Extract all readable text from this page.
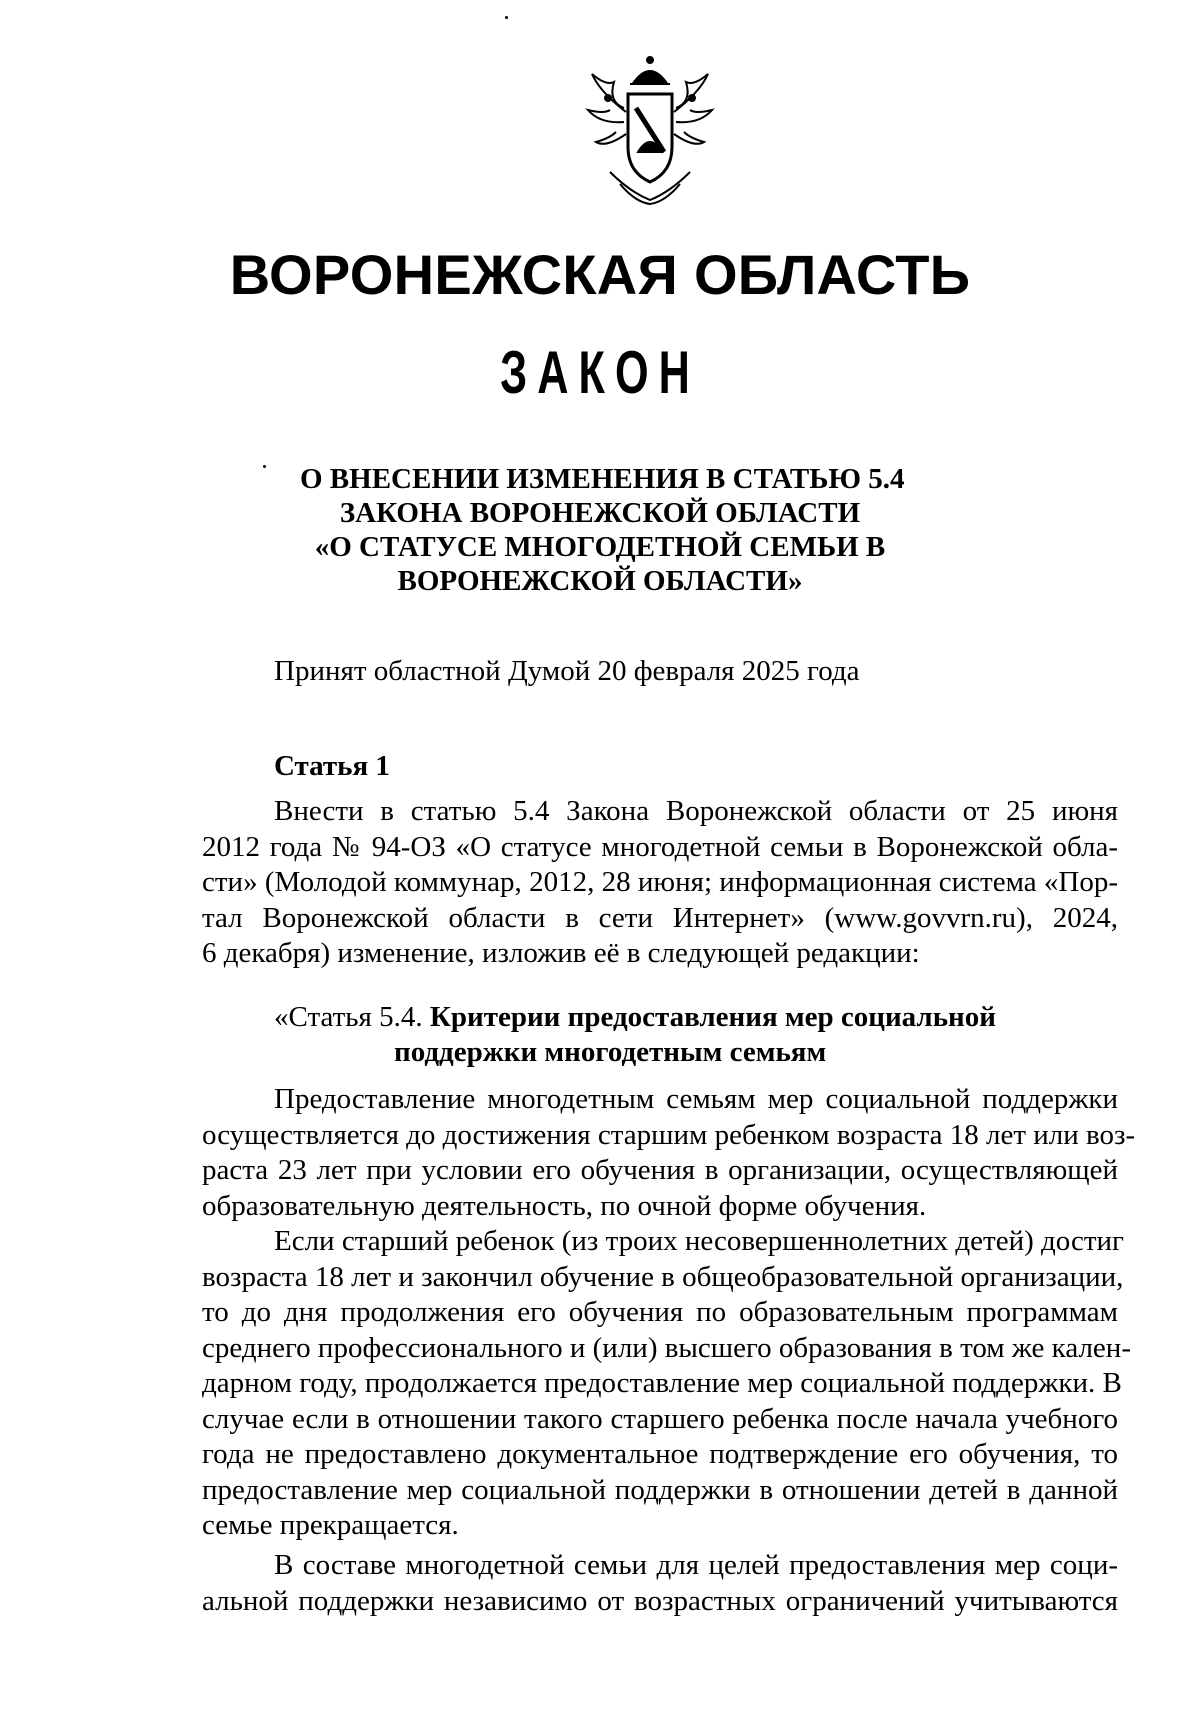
ВОРОНЕЖСКАЯ ОБЛАСТЬ
ЗАКОН
О ВНЕСЕНИИ ИЗМЕНЕНИЯ В СТАТЬЮ 5.4
ЗАКОНА ВОРОНЕЖСКОЙ ОБЛАСТИ
«О СТАТУСЕ МНОГОДЕТНОЙ СЕМЬИ В
ВОРОНЕЖСКОЙ ОБЛАСТИ»
Принят областной Думой 20 февраля 2025 года
Статья 1
Внести в статью 5.4 Закона Воронежской области от 25 июня
2012 года № 94-ОЗ «О статусе многодетной семьи в Воронежской обла-
сти» (Молодой коммунар, 2012, 28 июня; информационная система «Пор-
тал Воронежской области в сети Интернет» (www.govvrn.ru), 2024,
6 декабря) изменение, изложив её в следующей редакции:
«Статья 5.4. Критерии предоставления мер социальной
поддержки многодетным семьям
Предоставление многодетным семьям мер социальной поддержки
осуществляется до достижения старшим ребенком возраста 18 лет или воз-
раста 23 лет при условии его обучения в организации, осуществляющей
образовательную деятельность, по очной форме обучения.
Если старший ребенок (из троих несовершеннолетних детей) достиг
возраста 18 лет и закончил обучение в общеобразовательной организации,
то до дня продолжения его обучения по образовательным программам
среднего профессионального и (или) высшего образования в том же кален-
дарном году, продолжается предоставление мер социальной поддержки. В
случае если в отношении такого старшего ребенка после начала учебного
года не предоставлено документальное подтверждение его обучения, то
предоставление мер социальной поддержки в отношении детей в данной
семье прекращается.
В составе многодетной семьи для целей предоставления мер соци-
альной поддержки независимо от возрастных ограничений учитываются
